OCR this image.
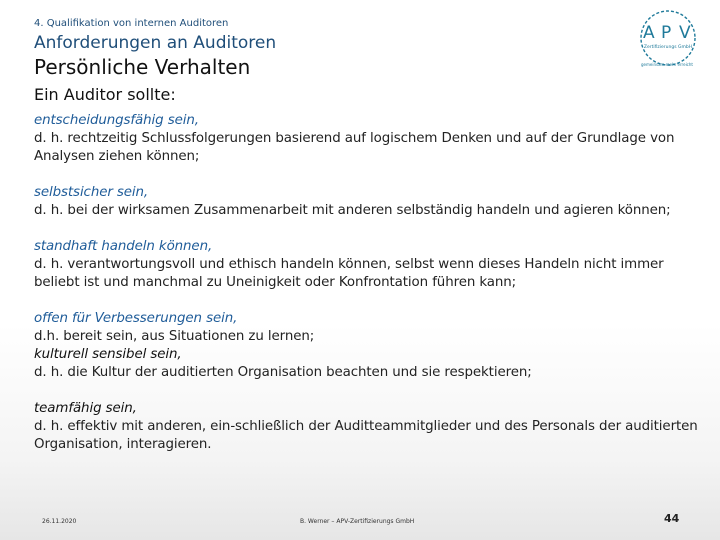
4. Qualifikation von internen Auditoren
Anforderungen an Auditoren
Persönliche Verhalten
Ein Auditor sollte:
A P V
Zertifizierungs GmbH
gemeinsam mehr erreicht
entscheidungsfähig sein,
d. h. rechtzeitig Schlussfolgerungen basierend auf logischem Denken und auf der Grundlage von Analysen ziehen können;
selbstsicher sein,
d. h. bei der wirksamen Zusammenarbeit mit anderen selbständig handeln und agieren können;
standhaft handeln können,
d. h. verantwortungsvoll und ethisch handeln können, selbst wenn dieses Handeln nicht immer beliebt ist und manchmal zu Uneinigkeit oder Konfrontation führen kann;
offen für Verbesserungen sein,
d.h. bereit sein, aus Situationen zu lernen;
kulturell sensibel sein,
d. h. die Kultur der auditierten Organisation beachten und sie respektieren;
teamfähig sein,
d. h. effektiv mit anderen, ein-schließlich der Auditteammitglieder und des Personals der auditierten Organisation, interagieren.
26.11.2020	B. Werner – APV-Zertifizierungs GmbH	44
